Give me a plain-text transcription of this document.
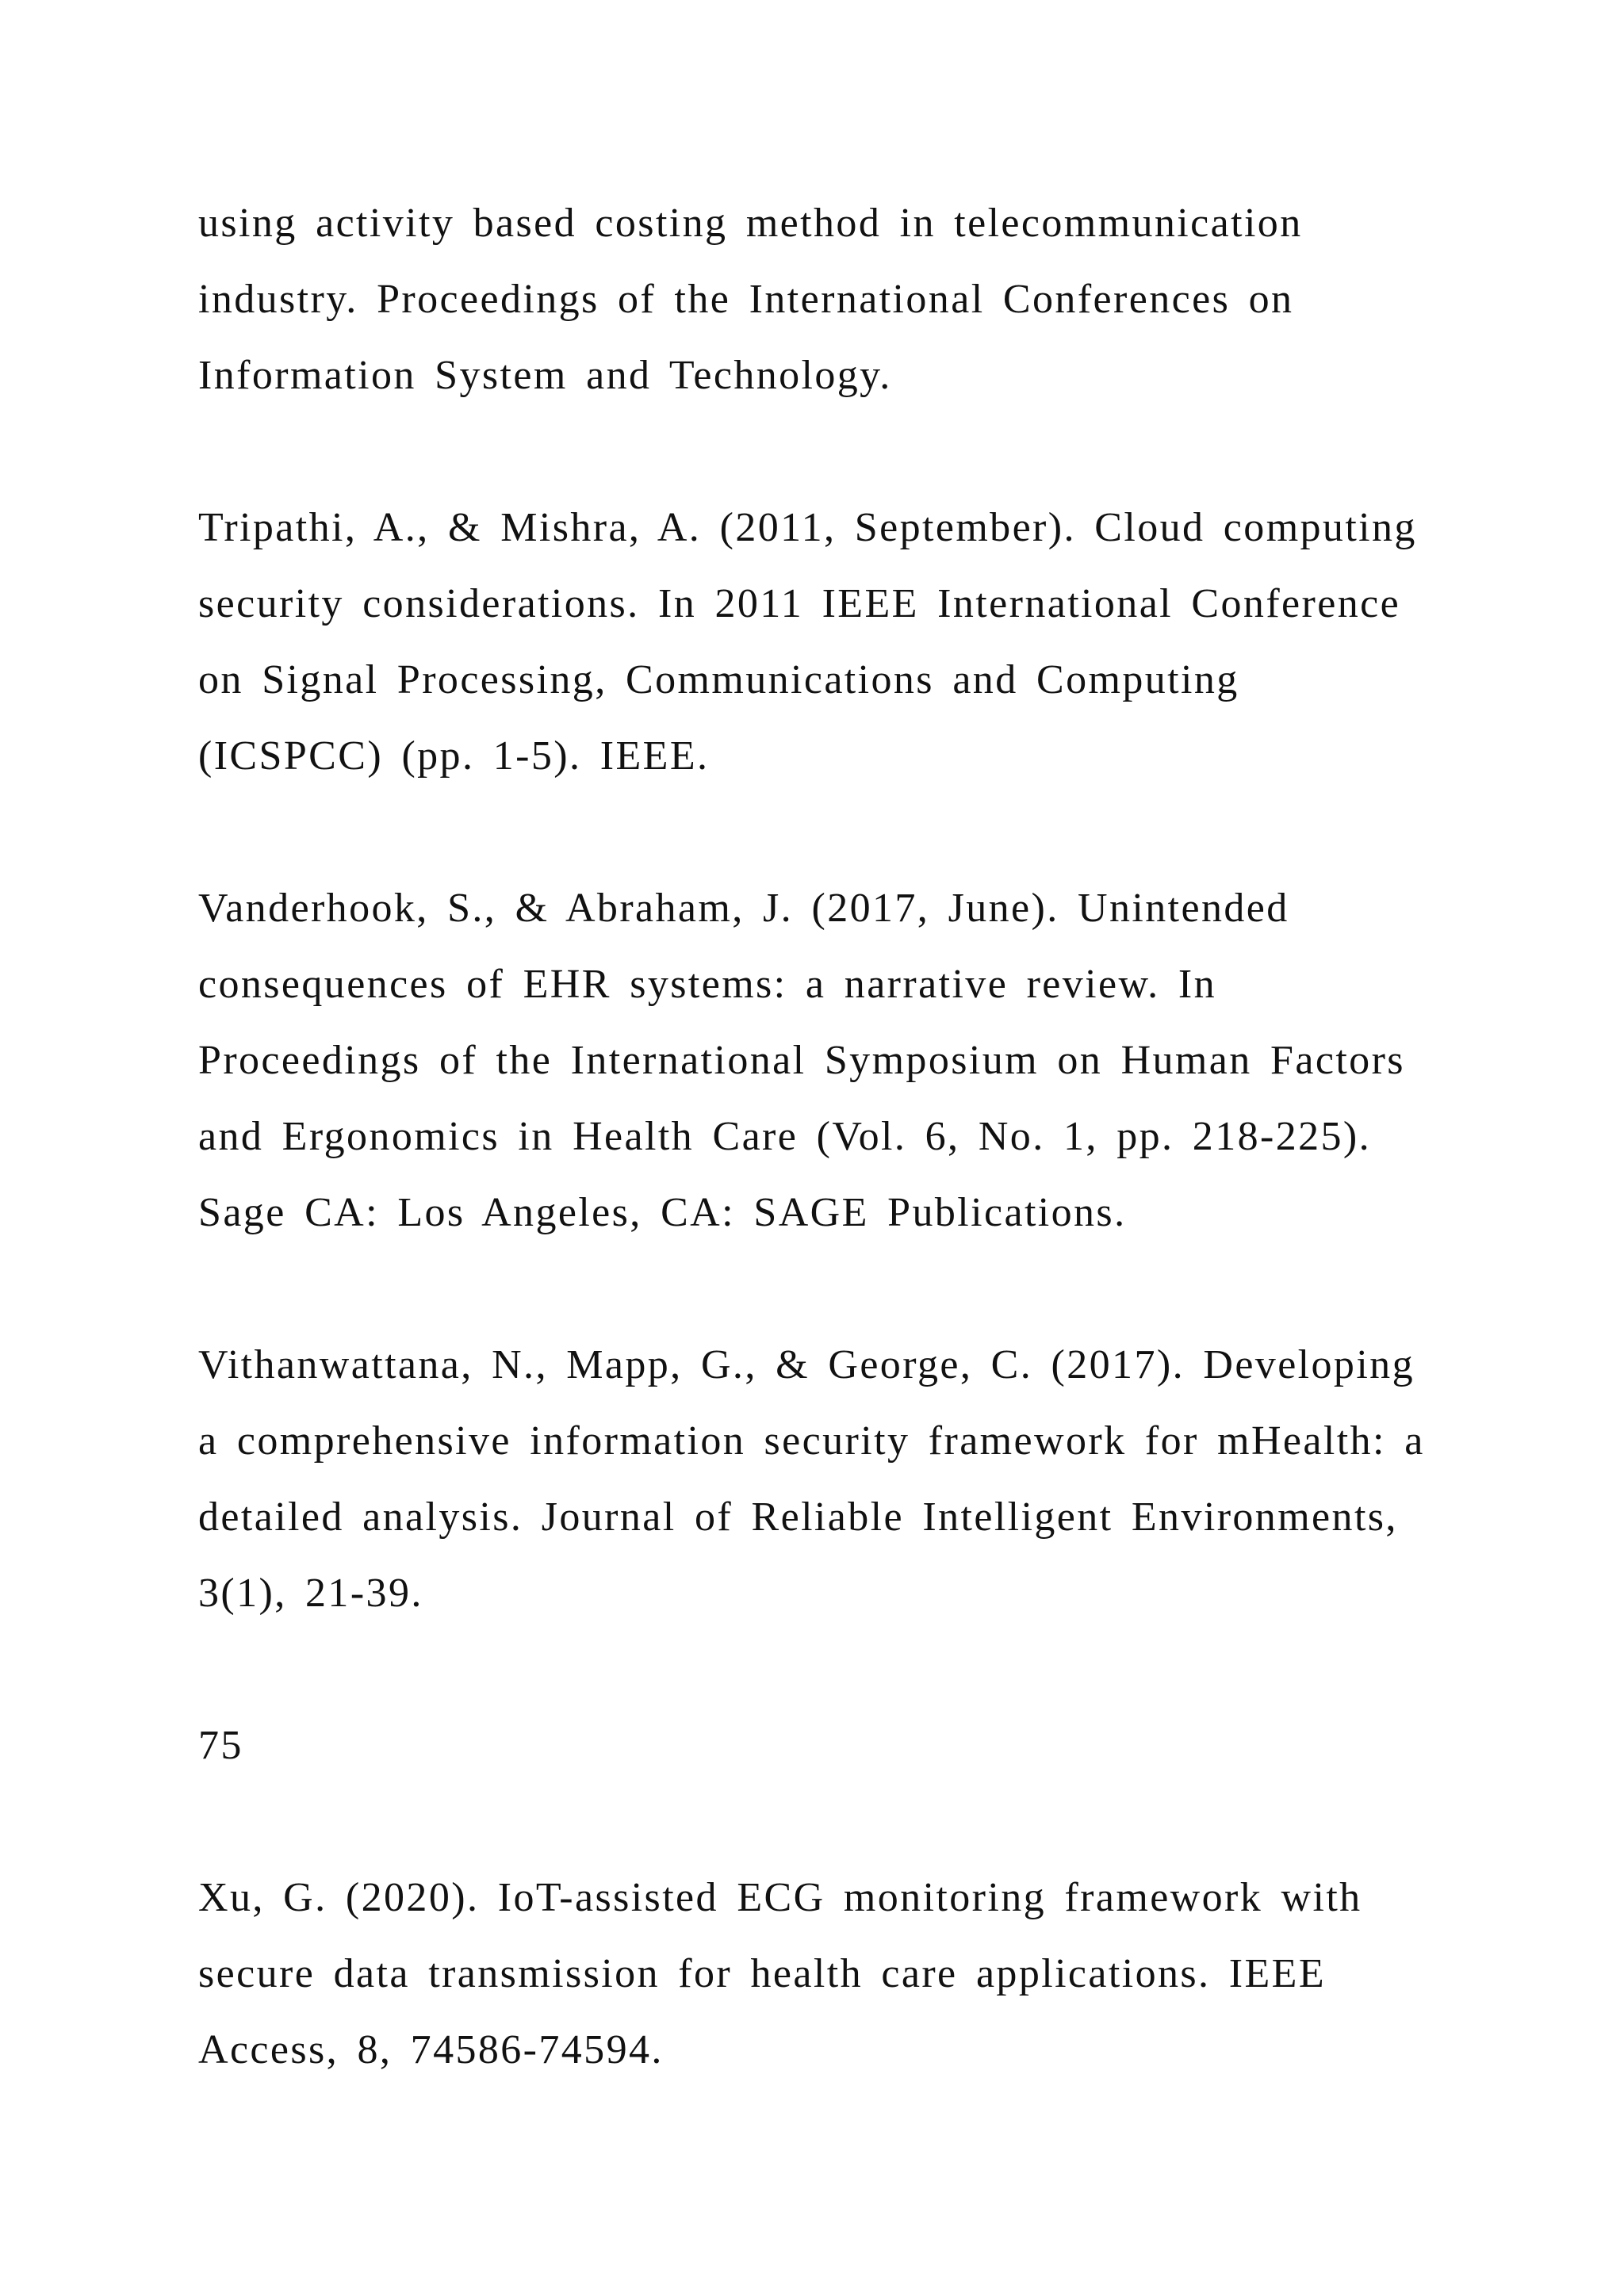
using activity based costing method in telecommunication

industry. Proceedings of the International Conferences on

Information System and Technology.

Tripathi, A., & Mishra, A. (2011, September). Cloud computing

security considerations. In 2011 IEEE International Conference

on Signal Processing, Communications and Computing

(ICSPCC) (pp. 1-5). IEEE.

Vanderhook, S., & Abraham, J. (2017, June). Unintended

consequences of EHR systems: a narrative review. In

Proceedings of the International Symposium on Human Factors

and Ergonomics in Health Care (Vol. 6, No. 1, pp. 218-225).

Sage CA: Los Angeles, CA: SAGE Publications.

Vithanwattana, N., Mapp, G., & George, C. (2017). Developing

a comprehensive information security framework for mHealth: a

detailed analysis. Journal of Reliable Intelligent Environments,

3(1), 21-39.

75

Xu, G. (2020). IoT-assisted ECG monitoring framework with

secure data transmission for health care applications. IEEE

Access, 8, 74586-74594.
